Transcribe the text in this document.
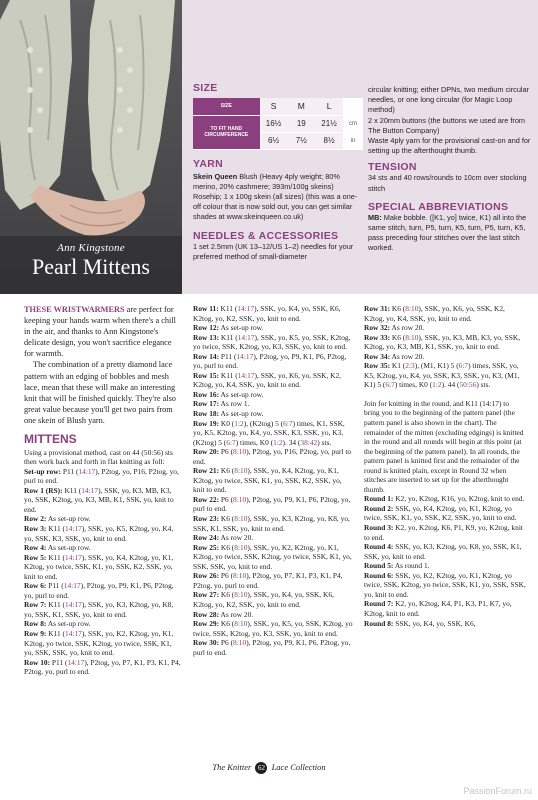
Ann Kingstone
Pearl Mittens
SIZE
SIZE	S	M	L	
TO FIT HAND CIRCUMFERENCE	16½	19	21½	cm
	6½	7½	8½	in
YARN

Skein Queen Blush (Heavy 4ply weight; 80% merino, 20% cashmere; 393m/100g skeins) Rosehip; 1 x 100g skein (all sizes) (this was a one-off colour that is now sold out, you can get similar shades at www.skeinqueen.co.uk)

NEEDLES & ACCESSORIES

1 set 2.5mm (UK 13–12/US 1–2) needles for your preferred method of small-diameter

circular knitting; either DPNs, two medium circular needles, or one long circular (for Magic Loop method)

2 x 20mm buttons (the buttons we used are from The Button Company)

Waste 4ply yarn for the provisional cast-on and for setting up the afterthought thumb.

TENSION

34 sts and 40 rows/rounds to 10cm over stocking stitch

SPECIAL ABBREVIATIONS

MB: Make bobble. ([K1, yo] twice, K1) all into the same stitch, turn, P5, turn, K5, turn, P5, turn, K5, pass preceding four stitches over the last stitch worked.

THESE WRISTWARMERS are perfect for keeping your hands warm when there's a chill in the air, and thanks to Ann Kingstone's delicate design, you won't sacrifice elegance for warmth.

The combination of a pretty diamond lace pattern with an edging of bobbles and mesh lace, mean that these will make an interesting knit that will be finished quickly. They're also great value because you'll get two pairs from one skein of Blush yarn.

MITTENS

Using a provisional method, cast on 44 (50:56) sts then work back and forth in flat knitting as foll:

Set-up row: P11 (14:17), P2tog, yo, P16, P2tog, yo, purl to end.

Row 1 (RS): K11 (14:17), SSK, yo, K3, MB, K3, yo, SSK, K2tog, yo, K3, MB, K1, SSK, yo, knit to end.

Row 2: As set-up row.

Row 3: K11 (14:17), SSK, yo, K5, K2tog, yo, K4, yo, SSK, K3, SSK, yo, knit to end.

Row 4: As set-up row.

Row 5: K11 (14:17), SSK, yo, K4, K2tog, yo, K1, K2tog, yo twice, SSK, K1, yo, SSK, K2, SSK, yo, knit to end.

Row 6: P11 (14:17), P2tog, yo, P9, K1, P6, P2tog, yo, purl to end.

Row 7: K11 (14:17), SSK, yo, K3, K2tog, yo, K8, yo, SSK, K1, SSK, yo, knit to end.

Row 8: As set-up row.

Row 9: K11 (14:17), SSK, yo, K2, K2tog, yo, K1, K2tog, yo twice, SSK, K2tog, yo twice, SSK, K1, yo, SSK, SSK, yo, knit to end.

Row 10: P11 (14:17), P2tog, yo, P7, K1, P3, K1, P4, P2tog, yo, purl to end.

Row 11: K11 (14:17), SSK, yo, K4, yo, SSK, K6, K2tog, yo, K2, SSK, yo, knit to end.

Row 12: As set-up row.

Row 13: K11 (14:17), SSK, yo, K5, yo, SSK, K2tog, yo twice, SSK, K2tog, yo, K3, SSK, yo, knit to end.

Row 14: P11 (14:17), P2tog, yo, P9, K1, P6, P2tog, yo, purl to end.

Row 15: K11 (14:17), SSK, yo, K6, yo, SSK, K2, K2tog, yo, K4, SSK, yo, knit to end.

Row 16: As set-up row.

Row 17: As row 1.

Row 18: As set-up row.

Row 19: K0 (1:2), (K2tog) 5 (6:7) times, K1, SSK, yo, K5, K2tog, yo, K4, yo, SSK, K3, SSK, yo, K3, (K2tog) 5 (6:7) times, K0 (1:2). 34 (38:42) sts.

Row 20: P6 (8:10), P2tog, yo, P16, P2tog, yo, purl to end.

Row 21: K6 (8:10), SSK, yo, K4, K2tog, yo, K1, K2tog, yo twice, SSK, K1, yo, SSK, K2, SSK, yo, knit to end.

Row 22: P6 (8:10), P2tog, yo, P9, K1, P6, P2tog, yo, purl to end.

Row 23: K6 (8:10), SSK, yo, K3, K2tog, yo, K8, yo, SSK, K1, SSK, yo, knit to end.

Row 24: As row 20.

Row 25: K6 (8:10), SSK, yo, K2, K2tog, yo, K1, K2tog, yo twice, SSK, K2tog, yo twice, SSK, K1, yo, SSK, SSK, yo, knit to end.

Row 26: P6 (8:10), P2tog, yo, P7, K1, P3, K1, P4, P2tog, yo, purl to end.

Row 27: K6 (8:10), SSK, yo, K4, yo, SSK, K6, K2tog, yo, K2, SSK, yo, knit to end.

Row 28: As row 20.

Row 29: K6 (8:10), SSK, yo, K5, yo, SSK, K2tog, yo twice, SSK, K2tog, yo, K3, SSK, yo, knit to end.

Row 30: P6 (8:10), P2tog, yo, P9, K1, P6, P2tog, yo, purl to end.

Row 31: K6 (8:10), SSK, yo, K6, yo, SSK, K2, K2tog, yo, K4, SSK, yo, knit to end.

Row 32: As row 20.

Row 33: K6 (8:10), SSK, yo, K3, MB, K3, yo, SSK, K2tog, yo, K3, MB, K1, SSK, yo, knit to end.

Row 34: As row 20.

Row 35: K1 (2:3), (M1, K1) 5 (6:7) times, SSK, yo, K5, K2tog, yo, K4, yo, SSK, K3, SSK, yo, K3, (M1, K1) 5 (6:7) times, K0 (1:2). 44 (50:56) sts.

Join for knitting in the round, and K11 (14:17) to bring you to the beginning of the pattern panel (the pattern panel is also shown in the chart). The remainder of the mitten (excluding edgings) is knitted in the round and all rounds will begin at this point (at the beginning of the pattern panel). In all rounds, the pattern panel is knitted first and the remainder of the round is knitted plain, except in Round 32 when stitches are inserted to set up for the afterthought thumb.

Round 1: K2, yo, K2tog, K16, yo, K2tog, knit to end.

Round 2: SSK, yo, K4, K2tog, yo, K1, K2tog, yo twice, SSK, K1, yo, SSK, K2, SSK, yo, knit to end.

Round 3: K2, yo, K2tog, K6, P1, K9, yo, K2tog, knit to end.

Round 4: SSK, yo, K3, K2tog, yo, K8, yo, SSK, K1, SSK, yo, knit to end.

Round 5: As round 1.

Round 6: SSK, yo, K2, K2tog, yo, K1, K2tog, yo twice, SSK, K2tog, yo twice, SSK, K1, yo, SSK, SSK, yo, knit to end.

Round 7: K2, yo, K2tog, K4, P1, K3, P1, K7, yo, K2tog, knit to end.

Round 8: SSK, yo, K4, yo, SSK, K6,

The Knitter 62 Lace Collection
PassionForum.ru
